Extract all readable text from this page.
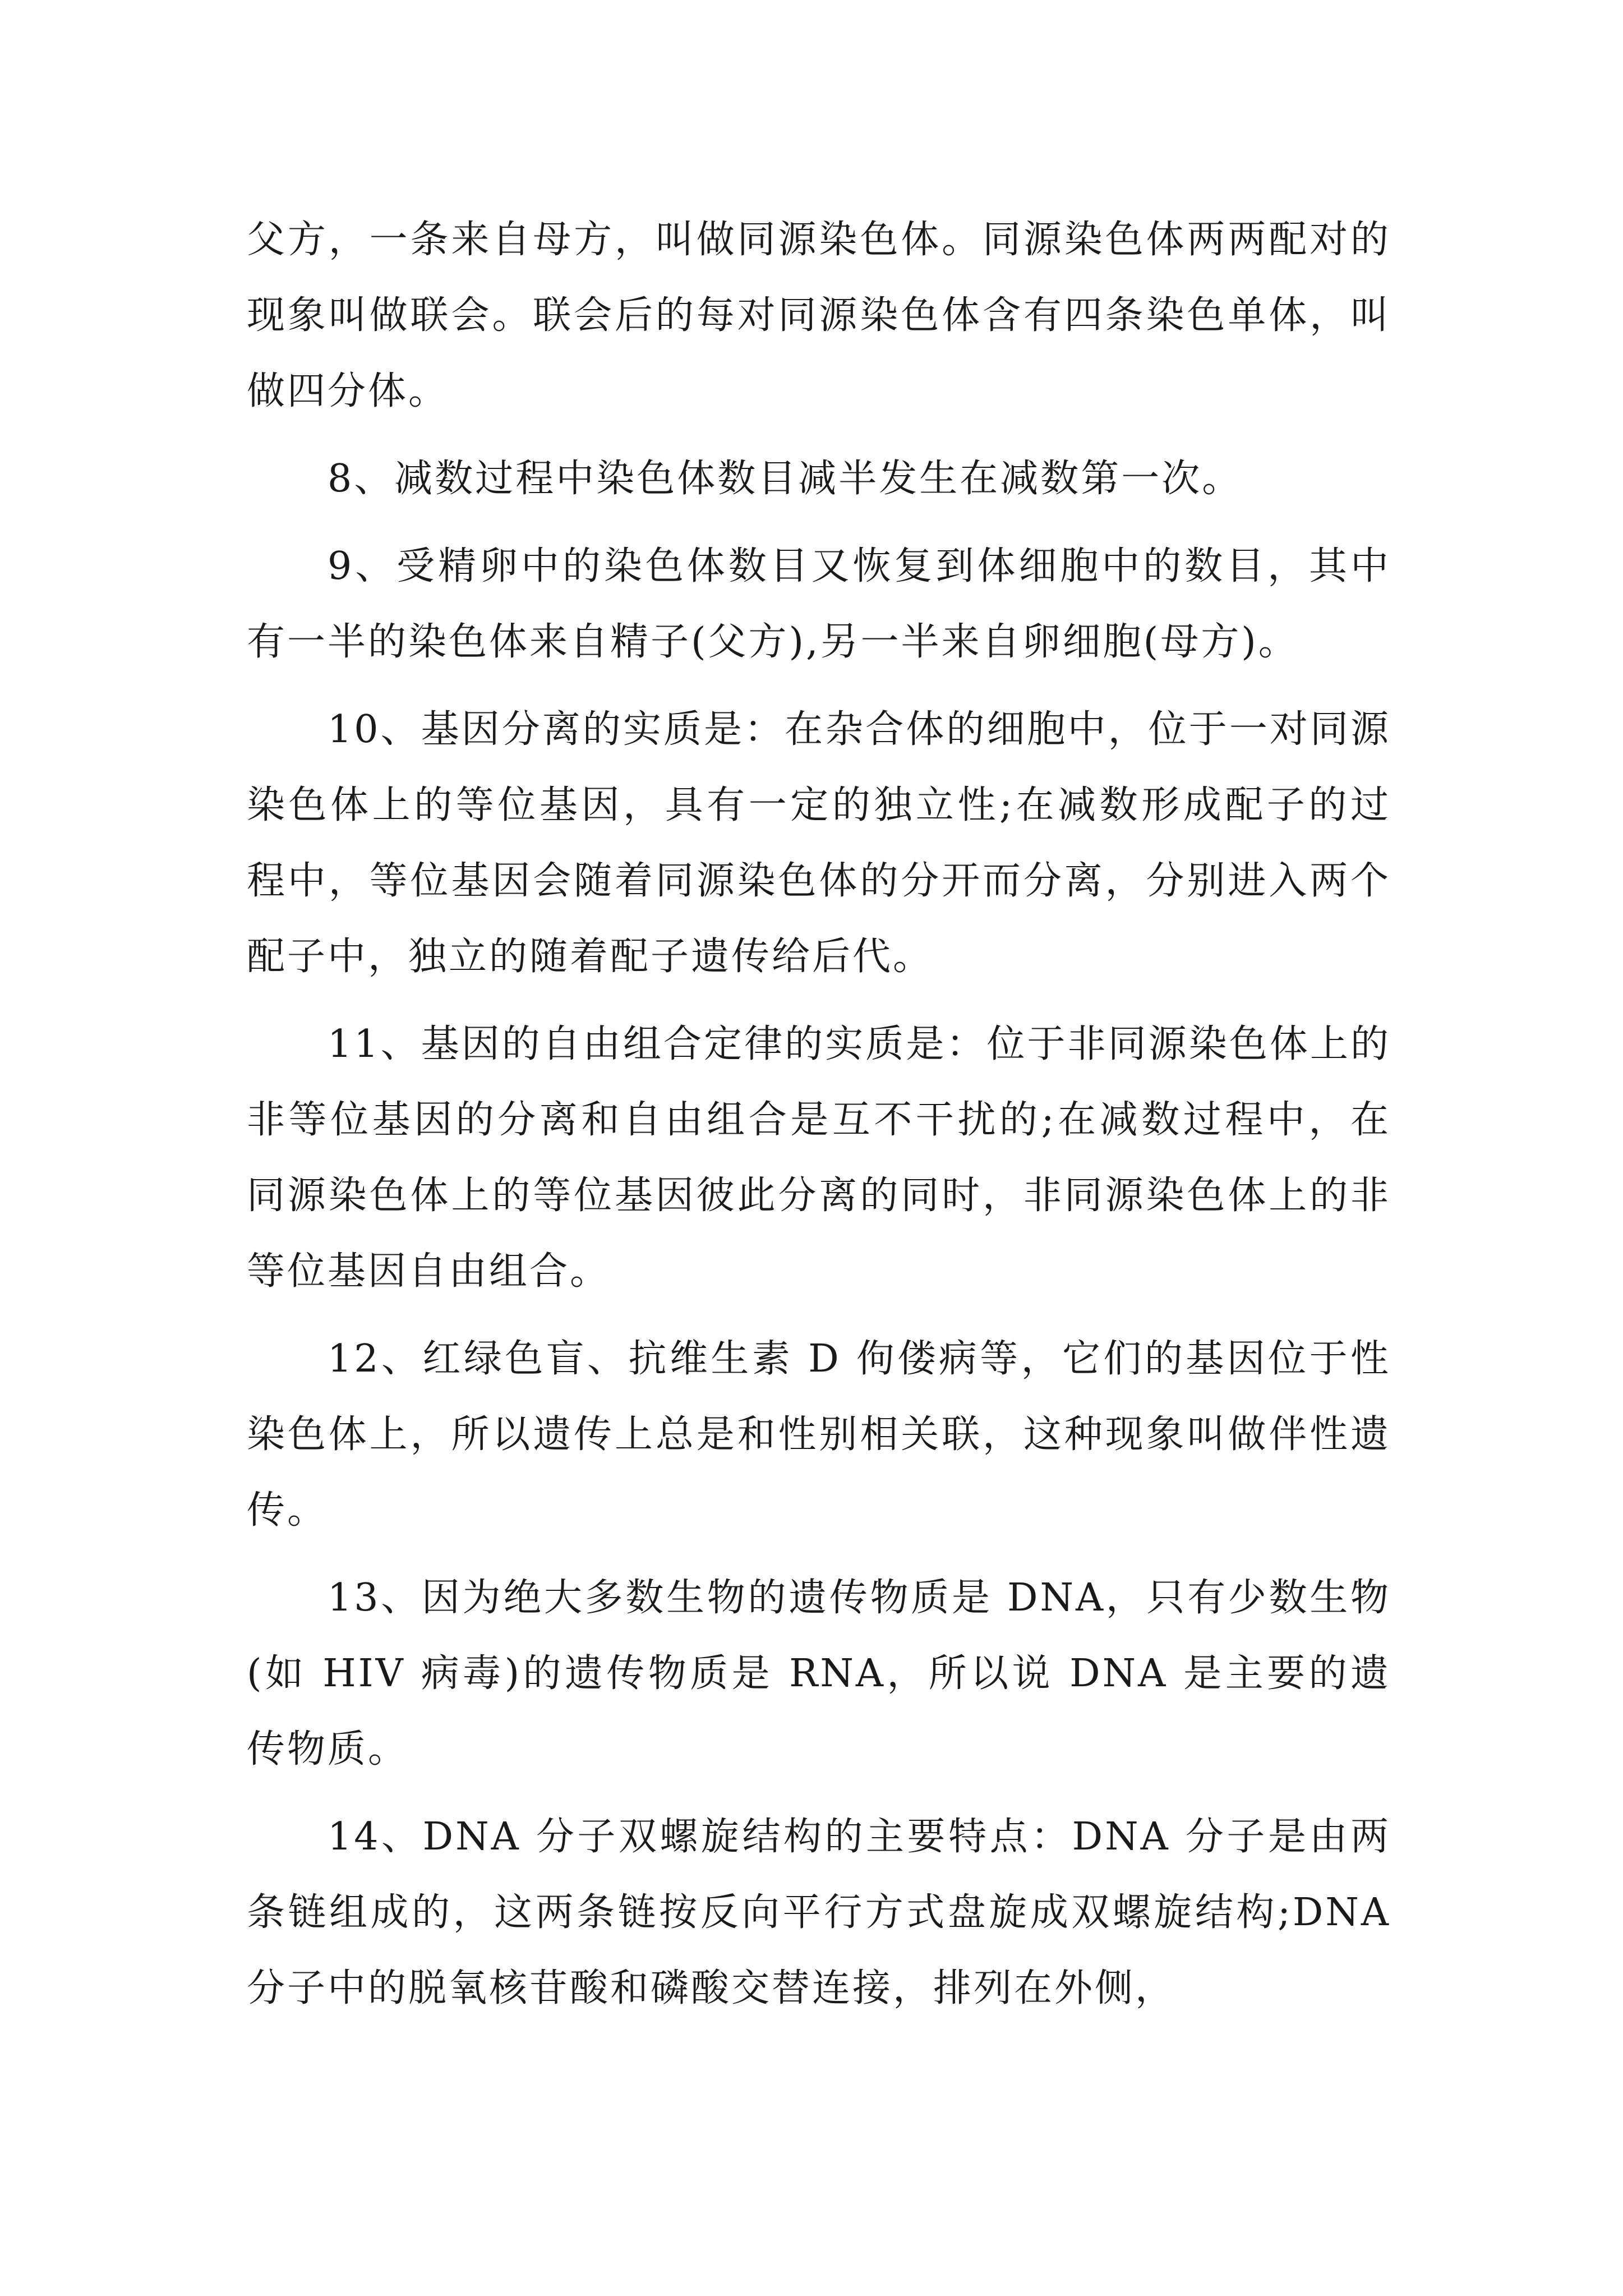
父方，一条来自母方，叫做同源染色体。同源染色体两两配对的现象叫做联会。联会后的每对同源染色体含有四条染色单体，叫做四分体。

8、减数过程中染色体数目减半发生在减数第一次。

9、受精卵中的染色体数目又恢复到体细胞中的数目，其中有一半的染色体来自精子(父方),另一半来自卵细胞(母方)。

10、基因分离的实质是：在杂合体的细胞中，位于一对同源染色体上的等位基因，具有一定的独立性;在减数形成配子的过程中，等位基因会随着同源染色体的分开而分离，分别进入两个配子中，独立的随着配子遗传给后代。

11、基因的自由组合定律的实质是：位于非同源染色体上的非等位基因的分离和自由组合是互不干扰的;在减数过程中，在同源染色体上的等位基因彼此分离的同时，非同源染色体上的非等位基因自由组合。

12、红绿色盲、抗维生素 D 佝偻病等，它们的基因位于性染色体上，所以遗传上总是和性别相关联，这种现象叫做伴性遗传。

13、因为绝大多数生物的遗传物质是 DNA，只有少数生物(如 HIV 病毒)的遗传物质是 RNA，所以说 DNA 是主要的遗传物质。

14、DNA 分子双螺旋结构的主要特点：DNA 分子是由两条链组成的，这两条链按反向平行方式盘旋成双螺旋结构;DNA 分子中的脱氧核苷酸和磷酸交替连接，排列在外侧，
